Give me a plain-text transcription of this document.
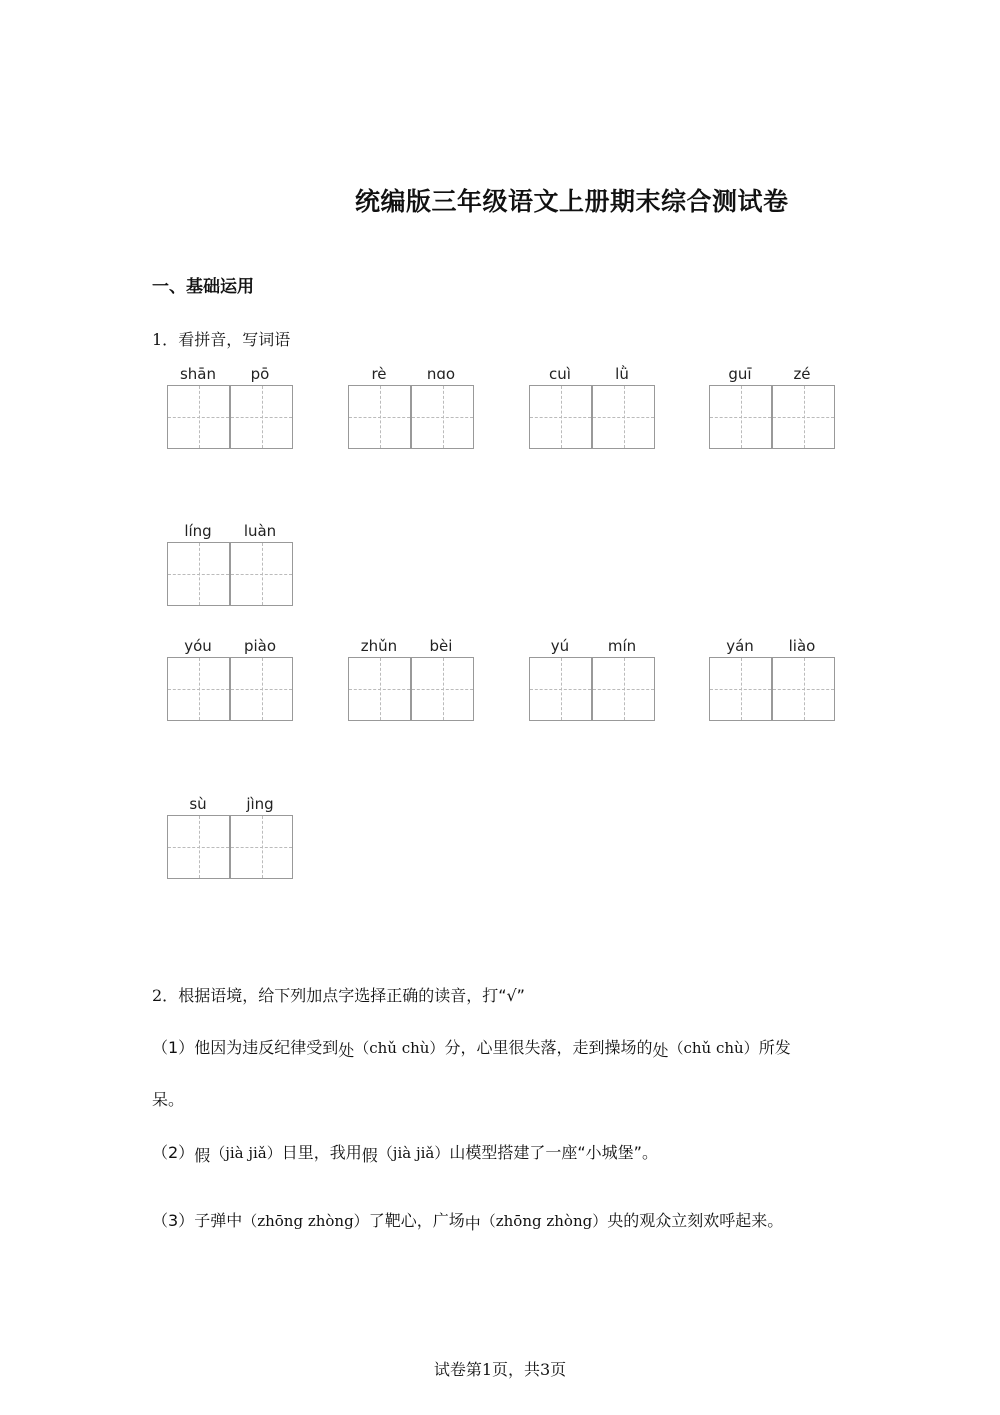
统编版三年级语文上册期末综合测试卷
一、基础运用
1．看拼音，写词语
shān	pō	rè	nɑo	cuì	lǜ	guī	zé
líng	luàn
yóu	piào	zhǔn	bèi	yú	mín	yán	liào
sù	jìng
2．根据语境，给下列加点字选择正确的读音，打“√”
（1）他因为违反纪律受到处（chǔ chù）分，心里很失落，走到操场的处（chǔ chù）所发
呆。
（2）假（jià jiǎ）日里，我用假（jià jiǎ）山模型搭建了一座“小城堡”。
（3）子弹中（zhōng zhòng）了靶心，广场中（zhōng zhòng）央的观众立刻欢呼起来。
试卷第1页，共3页
